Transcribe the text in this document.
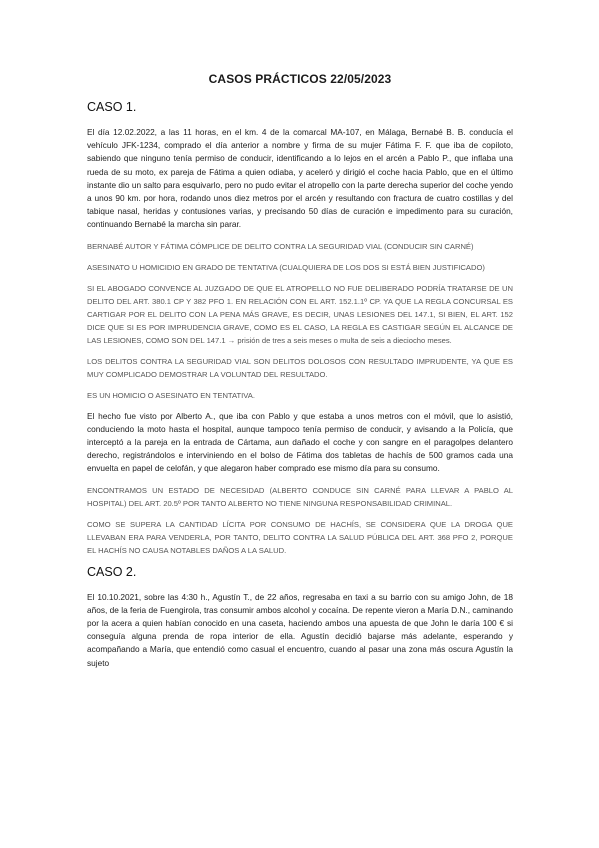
CASOS PRÁCTICOS 22/05/2023
CASO 1.

El día 12.02.2022, a las 11 horas, en el km. 4 de la comarcal MA-107, en Málaga, Bernabé B. B. conducía el vehículo JFK-1234, comprado el día anterior a nombre y firma de su mujer Fátima F. F. que iba de copiloto, sabiendo que ninguno tenía permiso de conducir, identificando a lo lejos en el arcén a Pablo P., que inflaba una rueda de su moto, ex pareja de Fátima a quien odiaba, y aceleró y dirigió el coche hacia Pablo, que en el último instante dio un salto para esquivarlo, pero no pudo evitar el atropello con la parte derecha superior del coche yendo a unos 90 km. por hora, rodando unos diez metros por el arcén y resultando con fractura de cuatro costillas y del tabique nasal, heridas y contusiones varias, y precisando 50 días de curación e impedimento para su curación, continuando Bernabé la marcha sin parar.

BERNABÉ AUTOR Y FÁTIMA CÓMPLICE DE DELITO CONTRA LA SEGURIDAD VIAL (CONDUCIR SIN CARNÉ)

ASESINATO U HOMICIDIO EN GRADO DE TENTATIVA (CUALQUIERA DE LOS DOS SI ESTÁ BIEN JUSTIFICADO)

SI EL ABOGADO CONVENCE AL JUZGADO DE QUE EL ATROPELLO NO FUE DELIBERADO PODRÍA TRATARSE DE UN DELITO DEL ART. 380.1 CP Y 382 PFO 1. EN RELACIÓN CON EL ART. 152.1.1º CP. YA QUE LA REGLA CONCURSAL ES CARTIGAR POR EL DELITO CON LA PENA MÁS GRAVE, ES DECIR, UNAS LESIONES DEL 147.1, SI BIEN, EL ART. 152 DICE QUE SI ES POR IMPRUDENCIA GRAVE, COMO ES EL CASO, LA REGLA ES CASTIGAR SEGÚN EL ALCANCE DE LAS LESIONES, COMO SON DEL 147.1 → prisión de tres a seis meses o multa de seis a dieciocho meses.

LOS DELITOS CONTRA LA SEGURIDAD VIAL SON DELITOS DOLOSOS CON RESULTADO IMPRUDENTE, YA QUE ES MUY COMPLICADO DEMOSTRAR LA VOLUNTAD DEL RESULTADO.

ES UN HOMICIO O ASESINATO EN TENTATIVA.

El hecho fue visto por Alberto A., que iba con Pablo y que estaba a unos metros con el móvil, que lo asistió, conduciendo la moto hasta el hospital, aunque tampoco tenía permiso de conducir, y avisando a la Policía, que interceptó a la pareja en la entrada de Cártama, aun dañado el coche y con sangre en el paragolpes delantero derecho, registrándolos e interviniendo en el bolso de Fátima dos tabletas de hachís de 500 gramos cada una envuelta en papel de celofán, y que alegaron haber comprado ese mismo día para su consumo.

ENCONTRAMOS UN ESTADO DE NECESIDAD (ALBERTO CONDUCE SIN CARNÉ PARA LLEVAR A PABLO AL HOSPITAL) DEL ART. 20.5º POR TANTO ALBERTO NO TIENE NINGUNA RESPONSABILIDAD CRIMINAL.

COMO SE SUPERA LA CANTIDAD LÍCITA POR CONSUMO DE HACHÍS, SE CONSIDERA QUE LA DROGA QUE LLEVABAN ERA PARA VENDERLA, POR TANTO, DELITO CONTRA LA SALUD PÚBLICA DEL ART. 368 PFO 2, PORQUE EL HACHÍS NO CAUSA NOTABLES DAÑOS A LA SALUD.

CASO 2.

El 10.10.2021, sobre las 4:30 h., Agustín T., de 22 años, regresaba en taxi a su barrio con su amigo John, de 18 años, de la feria de Fuengirola, tras consumir ambos alcohol y cocaína. De repente vieron a María D.N., caminando por la acera a quien habían conocido en una caseta, haciendo ambos una apuesta de que John le daría 100 € si conseguía alguna prenda de ropa interior de ella. Agustín decidió bajarse más adelante, esperando y acompañando a María, que entendió como casual el encuentro, cuando al pasar una zona más oscura Agustín la sujeto
